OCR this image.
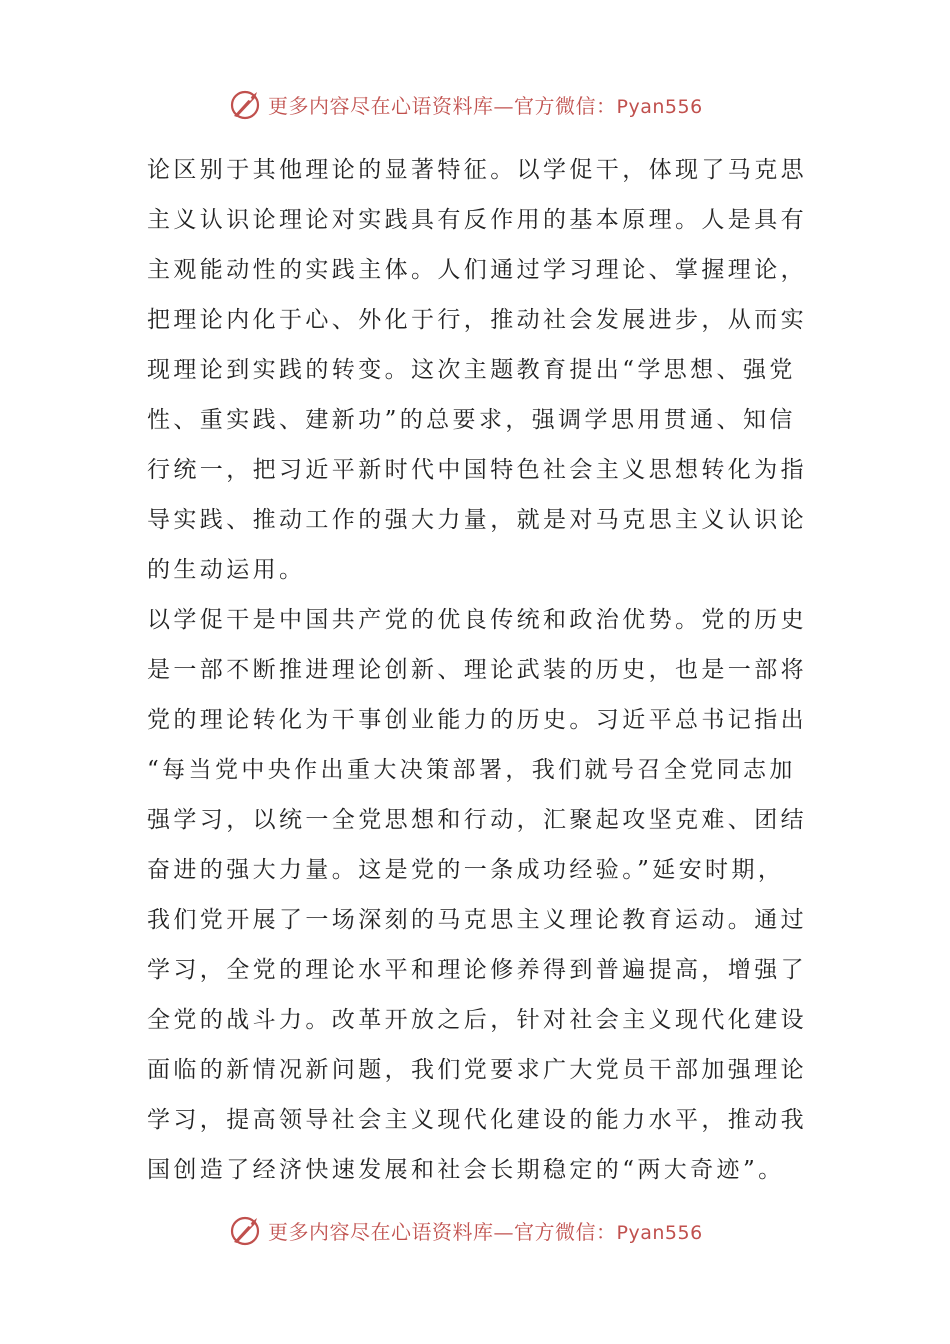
更多内容尽在心语资料库—官方微信：Pyan556
论区别于其他理论的显著特征。以学促干，体现了马克思
主义认识论理论对实践具有反作用的基本原理。人是具有
主观能动性的实践主体。人们通过学习理论、掌握理论，
把理论内化于心、外化于行，推动社会发展进步，从而实
现理论到实践的转变。这次主题教育提出“学思想、强党
性、重实践、建新功”的总要求，强调学思用贯通、知信
行统一，把习近平新时代中国特色社会主义思想转化为指
导实践、推动工作的强大力量，就是对马克思主义认识论
的生动运用。
以学促干是中国共产党的优良传统和政治优势。党的历史
是一部不断推进理论创新、理论武装的历史，也是一部将
党的理论转化为干事创业能力的历史。习近平总书记指出
“每当党中央作出重大决策部署，我们就号召全党同志加
强学习，以统一全党思想和行动，汇聚起攻坚克难、团结
奋进的强大力量。这是党的一条成功经验。”延安时期，
我们党开展了一场深刻的马克思主义理论教育运动。通过
学习，全党的理论水平和理论修养得到普遍提高，增强了
全党的战斗力。改革开放之后，针对社会主义现代化建设
面临的新情况新问题，我们党要求广大党员干部加强理论
学习，提高领导社会主义现代化建设的能力水平，推动我
国创造了经济快速发展和社会长期稳定的“两大奇迹”。
更多内容尽在心语资料库—官方微信：Pyan556
